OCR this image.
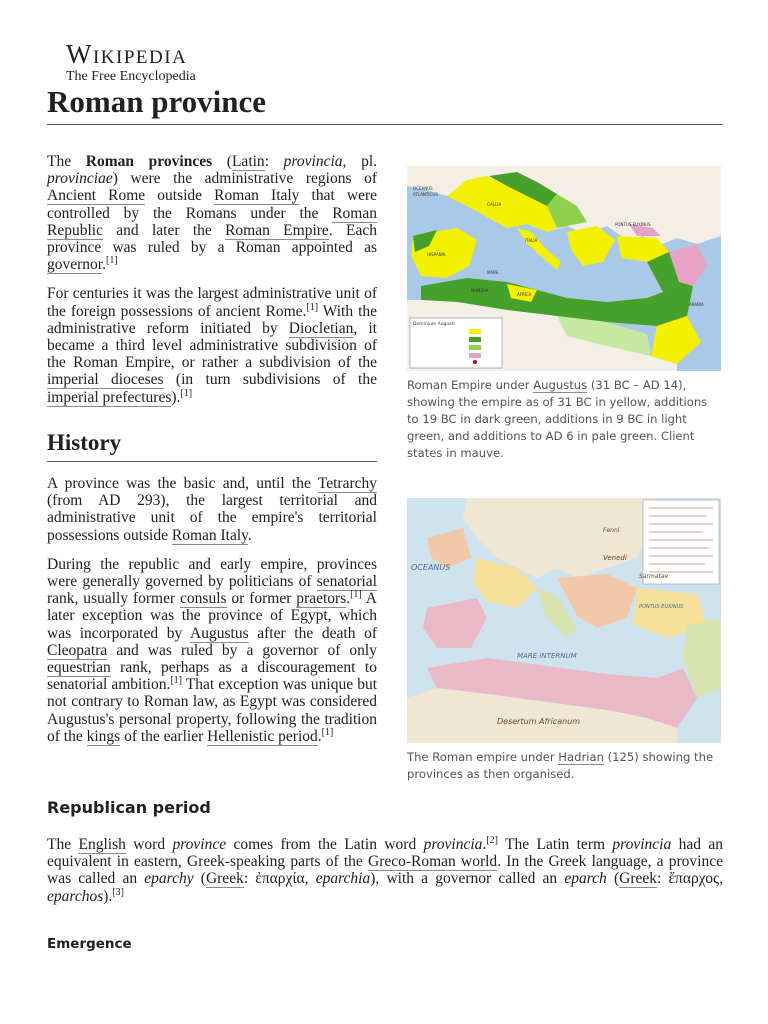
Wikipedia
The Free Encyclopedia
Roman province

The Roman provinces (Latin: provincia, pl. provinciae) were the administrative regions of Ancient Rome outside Roman Italy that were controlled by the Romans under the Roman Republic and later the Roman Empire. Each province was ruled by a Roman appointed as governor.[1]

For centuries it was the largest administrative unit of the foreign possessions of ancient Rome.[1] With the administrative reform initiated by Diocletian, it became a third level administrative subdivision of the Roman Empire, or rather a subdivision of the imperial dioceses (in turn subdivisions of the imperial prefectures).[1]

History

A province was the basic and, until the Tetrarchy (from AD 293), the largest territorial and administrative unit of the empire's territorial possessions outside Roman Italy.

During the republic and early empire, provinces were generally governed by politicians of senatorial rank, usually former consuls or former praetors.[1] A later exception was the province of Egypt, which was incorporated by Augustus after the death of Cleopatra and was ruled by a governor of only equestrian rank, perhaps as a discouragement to senatorial ambition.[1] That exception was unique but not contrary to Roman law, as Egypt was considered Augustus's personal property, following the tradition of the kings of the earlier Hellenistic period.[1]

Republican period

The English word province comes from the Latin word provincia.[2] The Latin term provincia had an equivalent in eastern, Greek-speaking parts of the Greco-Roman world. In the Greek language, a province was called an eparchy (Greek: ἐπαρχία, eparchia), with a governor called an eparch (Greek: ἔπαρχος, eparchos).[3]

Emergence
Dominium Augusti
OCEANUS
ATLANTICUS
GALLIA
HISPANIA
ITALIA
MARE
NUMIDIA
AFRICA
ARABIA
PONTUS EUXINUS
Roman Empire under Augustus (31 BC – AD 14), showing the empire as of 31 BC in yellow, additions to 19 BC in dark green, additions in 9 BC in light green, and additions to AD 6 in pale green. Client states in mauve.
OCEANUS
Venedi
Fenni
Sarmatae
MARE INTERNUM
PONTUS EUXINUS
Desertum Africanum
The Roman empire under Hadrian (125) showing the provinces as then organised.
